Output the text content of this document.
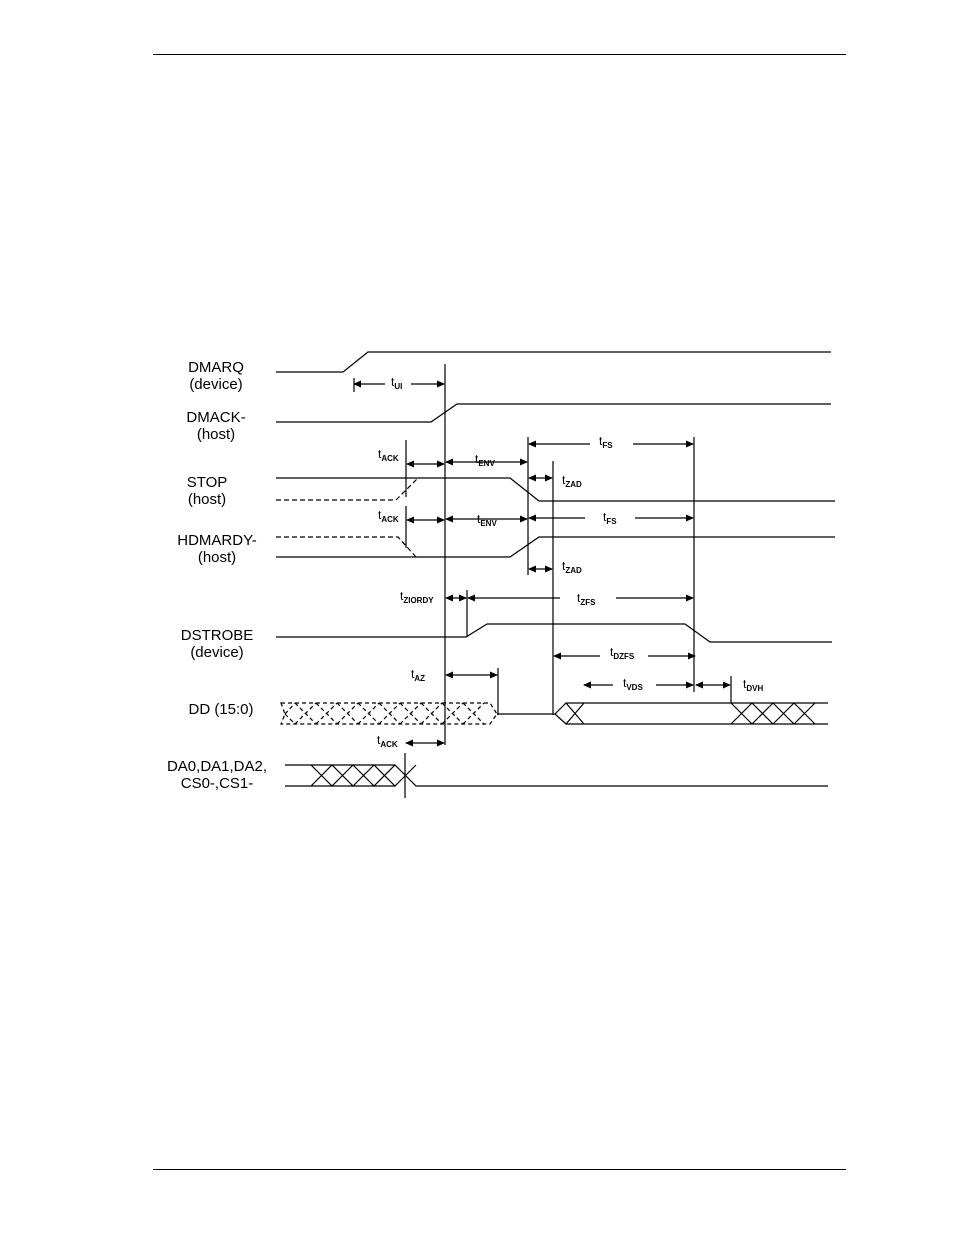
DMARQ
(device)
DMACK-
(host)
STOP
(host)
HDMARDY-
(host)
DSTROBE
(device)
DD (15:0)
DA0,DA1,DA2,
CS0-,CS1-
$t_{UI}$
$t_{FS}$
$t_{ACK}$	$t_{ENV}$
$t_{ZAD}$
$t_{ACK}$	$t_{ENV}$	$t_{FS}$
$t_{ZAD}$
$t_{ZIORDY}$	$t_{ZFS}$
$t_{DZFS}$
$t_{AZ}$	$t_{VDS}$	$t_{DVH}$
$t_{ACK}$
